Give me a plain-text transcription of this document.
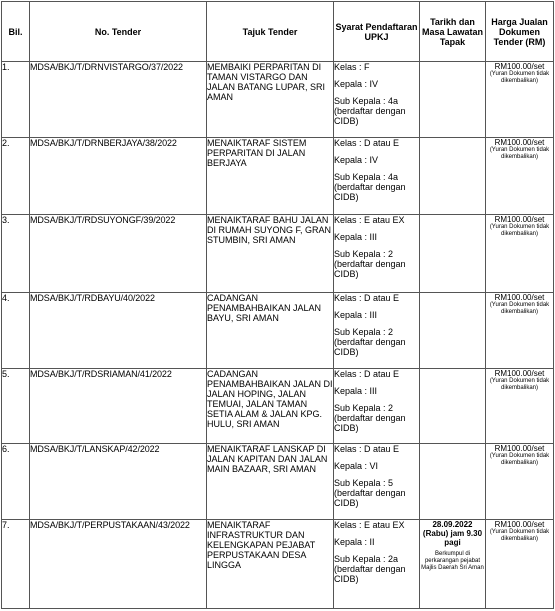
Bil.	No. Tender	Tajuk Tender	Syarat Pendaftaran UPKJ	Tarikh dan Masa Lawatan Tapak	Harga Jualan Dokumen Tender (RM)
1.	MDSA/BKJ/T/DRNVISTARGO/37/2022	MEMBAIKI PERPARITAN DI TAMAN VISTARGO DAN JALAN BATANG LUPAR, SRI AMAN	Kelas : F
Kepala : IV
Sub Kepala : 4a
(berdaftar dengan CIDB)		RM100.00/set
(Yuran Dokumen tidak dikembalikan)

2.	MDSA/BKJ/T/DRNBERJAYA/38/2022	MENAIKTARAF SISTEM PERPARITAN DI JALAN BERJAYA	Kelas : D atau E
Kepala : IV
Sub Kepala : 4a
(berdaftar dengan CIDB)		RM100.00/set
(Yuran Dokumen tidak dikembalikan)

3.	MDSA/BKJ/T/RDSUYONGF/39/2022	MENAIKTARAF BAHU JALAN DI RUMAH SUYONG F, GRAN STUMBIN, SRI AMAN	Kelas : E atau EX
Kepala : III
Sub Kepala : 2
(berdaftar dengan CIDB)		RM100.00/set
(Yuran Dokumen tidak dikembalikan)

4.	MDSA/BKJ/T/RDBAYU/40/2022	CADANGAN PENAMBAHBAIKAN JALAN BAYU, SRI AMAN	Kelas : D atau E
Kepala : III
Sub Kepala : 2
(berdaftar dengan CIDB)		RM100.00/set
(Yuran Dokumen tidak dikembalikan)

5.	MDSA/BKJ/T/RDSRIAMAN/41/2022	CADANGAN PENAMBAHBAIKAN JALAN DI JALAN HOPING, JALAN TEMUAI, JALAN TAMAN SETIA ALAM & JALAN KPG. HULU, SRI AMAN	Kelas : D atau E
Kepala : III
Sub Kepala : 2
(berdaftar dengan CIDB)		RM100.00/set
(Yuran Dokumen tidak dikembalikan)

6.	MDSA/BKJ/T/LANSKAP/42/2022	MENAIKTARAF LANSKAP DI JALAN KAPITAN DAN JALAN MAIN BAZAAR, SRI AMAN	Kelas : D atau E
Kepala : VI
Sub Kepala : 5
(berdaftar dengan CIDB)		RM100.00/set
(Yuran Dokumen tidak dikembalikan)

7.	MDSA/BKJ/T/PERPUSTAKAAN/43/2022	MENAIKTARAF INFRASTRUKTUR DAN KELENGKAPAN PEJABAT PERPUSTAKAAN DESA LINGGA	Kelas : E atau EX
Kepala : II
Sub Kepala : 2a
(berdaftar dengan CIDB)	28.09.2022 (Rabu) jam 9.30 pagi
Berkumpul di perkarangan pejabat Majlis Daerah Sri Aman	RM100.00/set
(Yuran Dokumen tidak dikembalikan)
